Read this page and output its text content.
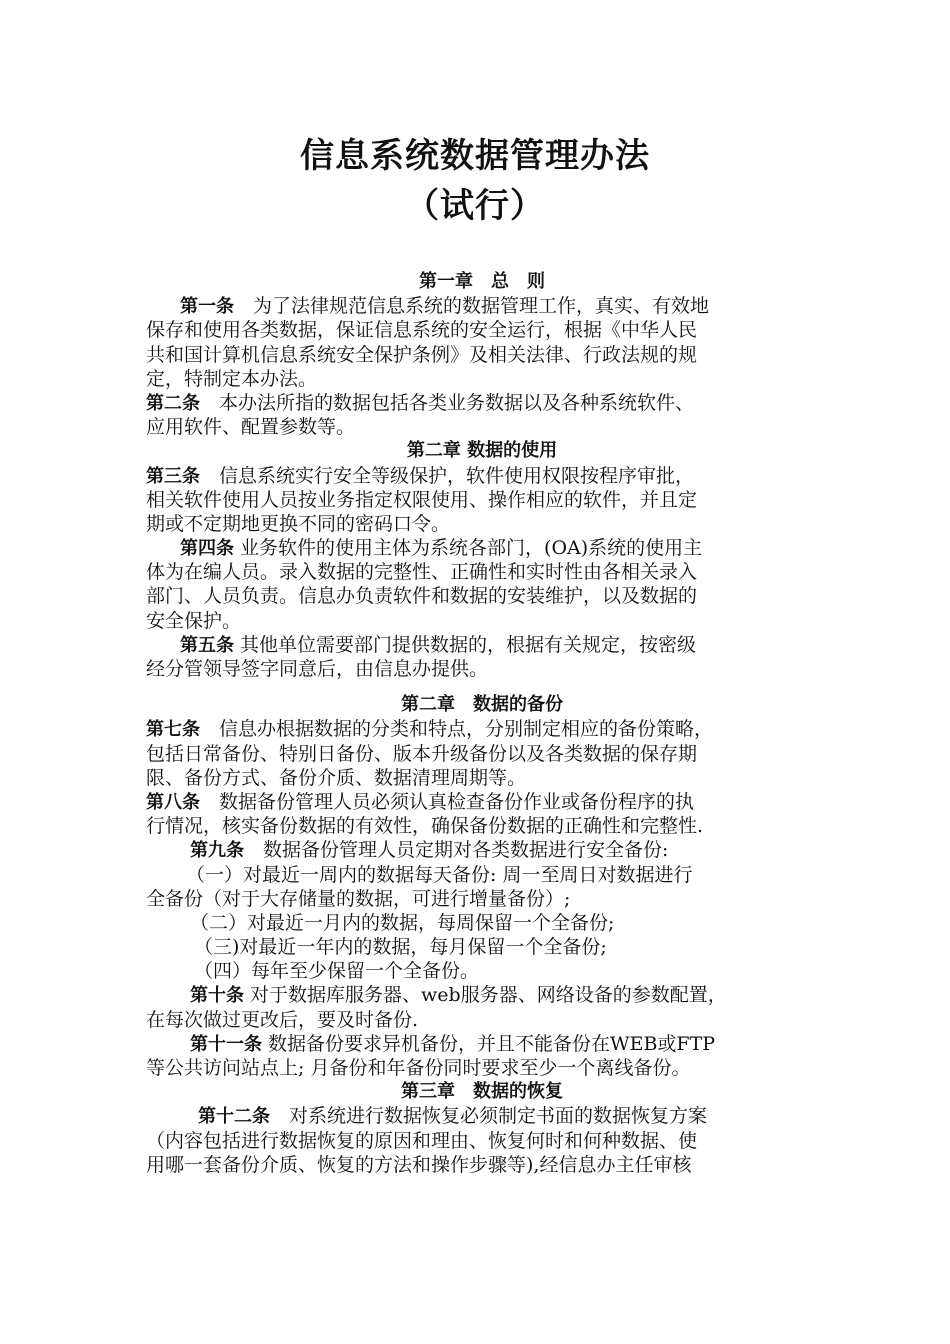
信息系统数据管理办法
（试行）
第一章　总　则
第一条　为了法律规范信息系统的数据管理工作，真实、有效地
保存和使用各类数据，保证信息系统的安全运行，根据《中华人民
共和国计算机信息系统安全保护条例》及相关法律、行政法规的规
定，特制定本办法。
第二条　本办法所指的数据包括各类业务数据以及各种系统软件、
应用软件、配置参数等。
第二章 数据的使用
第三条　信息系统实行安全等级保护，软件使用权限按程序审批，
相关软件使用人员按业务指定权限使用、操作相应的软件，并且定
期或不定期地更换不同的密码口令。
第四条 业务软件的使用主体为系统各部门，(OA)系统的使用主
体为在编人员。录入数据的完整性、正确性和实时性由各相关录入
部门、人员负责。信息办负责软件和数据的安装维护，以及数据的
安全保护。
第五条 其他单位需要部门提供数据的，根据有关规定，按密级
经分管领导签字同意后，由信息办提供。
第二章　数据的备份
第七条　信息办根据数据的分类和特点，分别制定相应的备份策略，
包括日常备份、特别日备份、版本升级备份以及各类数据的保存期
限、备份方式、备份介质、数据清理周期等。
第八条　数据备份管理人员必须认真检查备份作业或备份程序的执
行情况，核实备份数据的有效性，确保备份数据的正确性和完整性.
第九条　数据备份管理人员定期对各类数据进行安全备份:
（一）对最近一周内的数据每天备份: 周一至周日对数据进行
全备份（对于大存储量的数据，可进行增量备份）;
（二）对最近一月内的数据，每周保留一个全备份;
（三)对最近一年内的数据，每月保留一个全备份;
（四）每年至少保留一个全备份。
第十条 对于数据库服务器、web服务器、网络设备的参数配置，
在每次做过更改后，要及时备份.
第十一条 数据备份要求异机备份，并且不能备份在WEB或FTP
等公共访问站点上; 月备份和年备份同时要求至少一个离线备份。
第三章　数据的恢复
第十二条　对系统进行数据恢复必须制定书面的数据恢复方案
（内容包括进行数据恢复的原因和理由、恢复何时和何种数据、使
用哪一套备份介质、恢复的方法和操作步骤等),经信息办主任审核
